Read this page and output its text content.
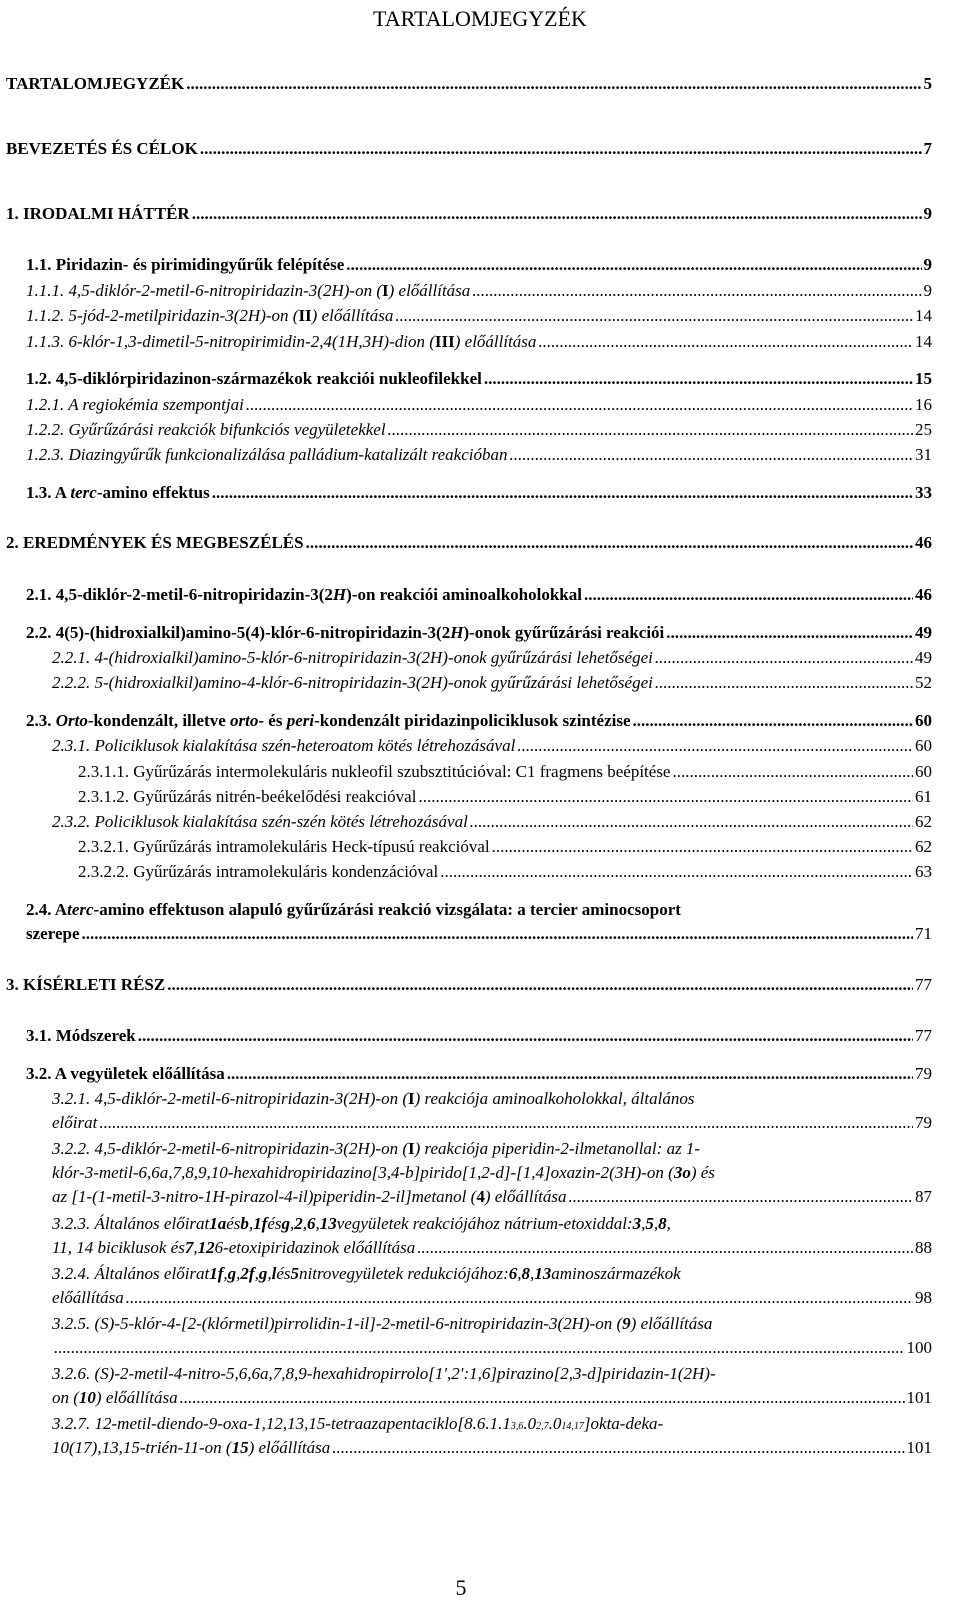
TARTALOMJEGYZÉK
TARTALOMJEGYZÉK .....	5
BEVEZETÉS ÉS CÉLOK .....	7
1. IRODALMI HÁTTÉR .....	9
1.1. Piridazin- és pirimidingyűrűk felépítése .....	9
1.1.1. 4,5-diklór-2-metil-6-nitropiridazin-3(2H)-on (I) előállítása .....	9
1.1.2. 5-jód-2-metilpiridazin-3(2H)-on (II) előállítása .....	14
1.1.3. 6-klór-1,3-dimetil-5-nitropirimidin-2,4(1H,3H)-dion (III) előállítása .....	14
1.2. 4,5-diklórpiridazinon-származékok reakciói nukleofilekkel .....	15
1.2.1. A regiokémia szempontjai .....	16
1.2.2. Gyűrűzárási reakciók bifunkciós vegyületekkel .....	25
1.2.3. Diazingyűrűk funkcionalizálása palládium-katalizált reakcióban .....	31
1.3. A terc-amino effektus .....	33
2. EREDMÉNYEK ÉS MEGBESZÉLÉS .....	46
2.1. 4,5-diklór-2-metil-6-nitropiridazin-3(2H)-on reakciói aminoalkoholokkal .....	46
2.2. 4(5)-(hidroxialkil)amino-5(4)-klór-6-nitropiridazin-3(2H)-onok gyűrűzárási reakciói .....	49
2.2.1. 4-(hidroxialkil)amino-5-klór-6-nitropiridazin-3(2H)-onok gyűrűzárási lehetőségei .....	49
2.2.2. 5-(hidroxialkil)amino-4-klór-6-nitropiridazin-3(2H)-onok gyűrűzárási lehetőségei .....	52
2.3. Orto-kondenzált, illetve orto- és peri-kondenzált piridazinpoliciklusok szintézise .....	60
2.3.1. Policiklusok kialakítása szén-heteroatom kötés létrehozásával .....	60
2.3.1.1. Gyűrűzárás intermolekuláris nukleofil szubsztitúcióval: C1 fragmens beépítése .....	60
2.3.1.2. Gyűrűzárás nitrén-beékelődési reakcióval .....	61
2.3.2. Policiklusok kialakítása szén-szén kötés létrehozásával .....	62
2.3.2.1. Gyűrűzárás intramolekuláris Heck-típusú reakcióval .....	62
2.3.2.2. Gyűrűzárás intramolekuláris kondenzációval .....	63
2.4. A terc -amino effektuson alapuló gyűrűzárási reakció vizsgálata: a tercier aminocsoport
szerepe .....	71
3. KÍSÉRLETI RÉSZ .....	77
3.1. Módszerek .....	77
3.2. A vegyületek előállítása .....	79
3.2.1. 4,5-diklór-2-metil-6-nitropiridazin-3(2H)-on ( I ) reakciója aminoalkoholokkal, általános
előirat .....	79
3.2.2. 4,5-diklór-2-metil-6-nitropiridazin-3(2H)-on ( I ) reakciója piperidin-2-ilmetanollal: az 1-
klór-3-metil-6,6a,7,8,9,10-hexahidropiridazino[3,4-b]pirido[1,2-d]-[1,4]oxazin-2(3H)-on ( 3o ) és
az [1-(1-metil-3-nitro-1H-pirazol-4-il)piperidin-2-il]metanol ( 4 ) előállítása .....	87
3.2.3. Általános előirat 1a és b , 1f és g , 2 , 6 , 13 vegyületek reakciójához nátrium-etoxiddal: 3 , 5 , 8 ,
11, 14 biciklusok és 7 , 12 6-etoxipiridazinok előállítása .....	88
3.2.4. Általános előirat 1f , g , 2f , g , l és 5 nitrovegyületek redukciójához: 6 , 8 , 13 aminoszármazékok
előállítása .....	98
3.2.5. (S)-5-klór-4-[2-(klórmetil)pirrolidin-1-il]-2-metil-6-nitropiridazin-3(2H)-on ( 9 ) előállítása
.....
100
3.2.6. (S)-2-metil-4-nitro-5,6,6a,7,8,9-hexahidropirrolo[1',2':1,6]pirazino[2,3-d]piridazin-1(2H)-
on ( 10 ) előállítása .....	101
3.2.7. 12-metil-diendo-9-oxa-1,12,13,15-tetraazapentaciklo[8.6.1.1 3,6 .0 2,7 .0 14,17 ]okta-deka-
10(17),13,15-trién-11-on ( 15 ) előállítása .....	101
5
